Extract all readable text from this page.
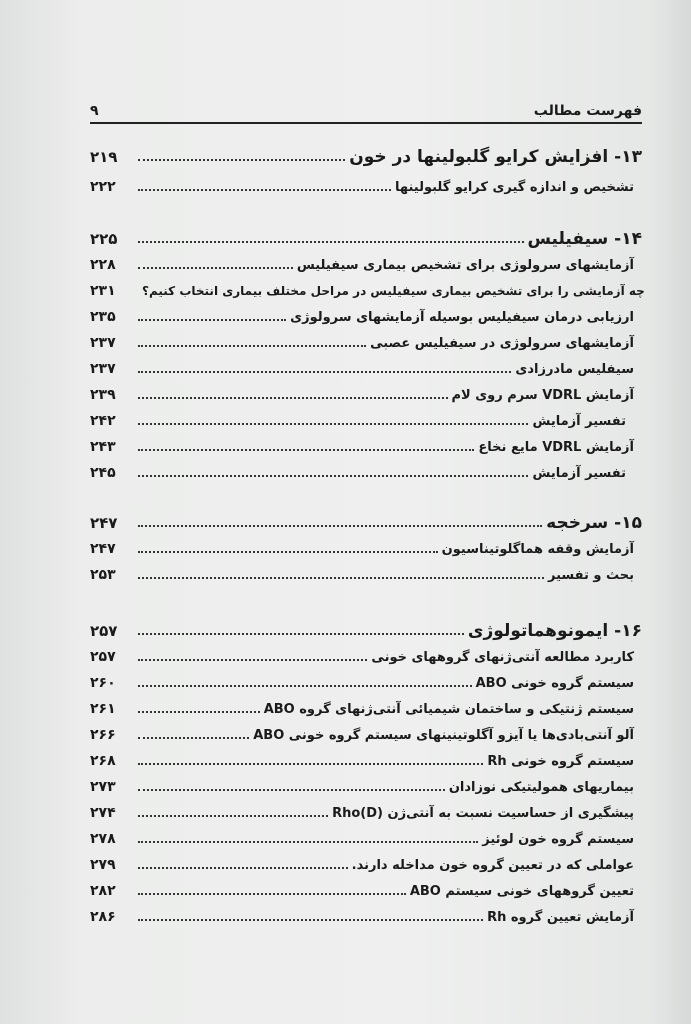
فهرست مطالب
۹
۲۱۹	۱۳- افزایش کرایو گلبولینها در خون
۲۲۲	تشخیص و اندازه گیری کرایو گلبولینها
۲۲۵	۱۴- سیفیلیس
۲۲۸	آزمایشهای سرولوژی برای تشخیص بیماری سیفیلیس
۲۳۱	چه آزمایشی را برای تشخیص بیماری سیفیلیس در مراحل مختلف بیماری انتخاب کنیم؟
۲۳۵	ارزیابی درمان سیفیلیس بوسیله آزمایشهای سرولوژی
۲۳۷	آزمایشهای سرولوژی در سیفیلیس عصبی
۲۳۷	سیفلیس مادرزادی
۲۳۹	آزمایش VDRL سرم روی لام
۲۴۲	تفسیر آزمایش
۲۴۳	آزمایش VDRL مایع نخاع
۲۴۵	تفسیر آزمایش
۲۴۷	۱۵- سرخجه
۲۴۷	آزمایش وقفه هماگلوتیناسیون
۲۵۳	بحث و تفسیر
۲۵۷	۱۶- ایمونوهماتولوژی
۲۵۷	کاربرد مطالعه آنتی‌ژنهای گروههای خونی
۲۶۰	سیستم گروه خونی ABO
۲۶۱	سیستم ژنتیکی و ساختمان شیمیائی آنتی‌ژنهای گروه ABO
۲۶۶	آلو آنتی‌بادی‌ها یا آیزو آگلوتینینهای سیستم گروه خونی ABO
۲۶۸	سیستم گروه خونی Rh
۲۷۳	بیماریهای همولیتیکی نوزادان
۲۷۴	پیشگیری از حساسیت نسبت به آنتی‌ژن (Rho(D
۲۷۸	سیستم گروه خون لوئیز
۲۷۹	عواملی که در تعیین گروه خون مداخله دارند.
۲۸۲	تعیین گروههای خونی سیستم ABO
۲۸۶	آزمایش تعیین گروه Rh
